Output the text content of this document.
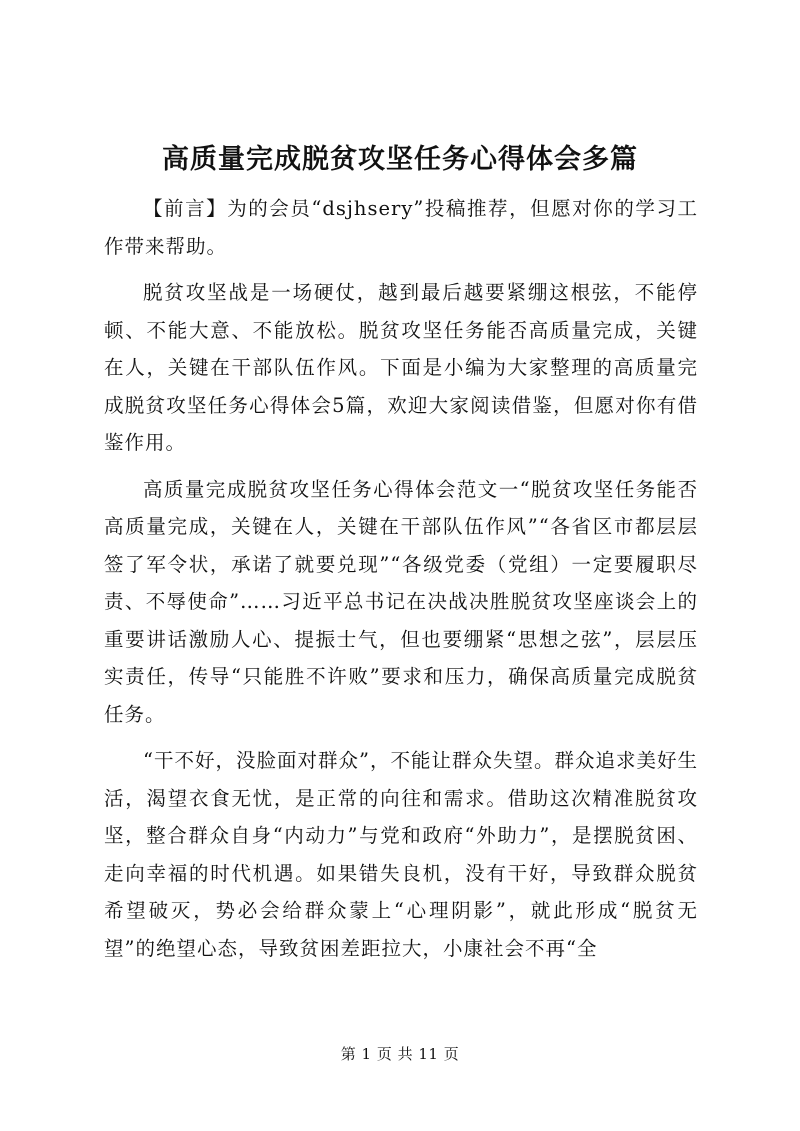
高质量完成脱贫攻坚任务心得体会多篇

【前言】为的会员“dsjhsery”投稿推荐，但愿对你的学习工作带来帮助。

脱贫攻坚战是一场硬仗，越到最后越要紧绷这根弦，不能停顿、不能大意、不能放松。脱贫攻坚任务能否高质量完成，关键在人，关键在干部队伍作风。下面是小编为大家整理的高质量完成脱贫攻坚任务心得体会5篇，欢迎大家阅读借鉴，但愿对你有借鉴作用。

高质量完成脱贫攻坚任务心得体会范文一“脱贫攻坚任务能否高质量完成，关键在人，关键在干部队伍作风”“各省区市都层层签了军令状，承诺了就要兑现”“各级党委（党组）一定要履职尽责、不辱使命”……习近平总书记在决战决胜脱贫攻坚座谈会上的重要讲话激励人心、提振士气，但也要绷紧“思想之弦”，层层压实责任，传导“只能胜不许败”要求和压力，确保高质量完成脱贫任务。

“干不好，没脸面对群众”，不能让群众失望。群众追求美好生活，渴望衣食无忧，是正常的向往和需求。借助这次精准脱贫攻坚，整合群众自身“内动力”与党和政府“外助力”，是摆脱贫困、走向幸福的时代机遇。如果错失良机，没有干好，导致群众脱贫希望破灭，势必会给群众蒙上“心理阴影”，就此形成“脱贫无望”的绝望心态，导致贫困差距拉大，小康社会不再“全

第 1 页 共 11 页
